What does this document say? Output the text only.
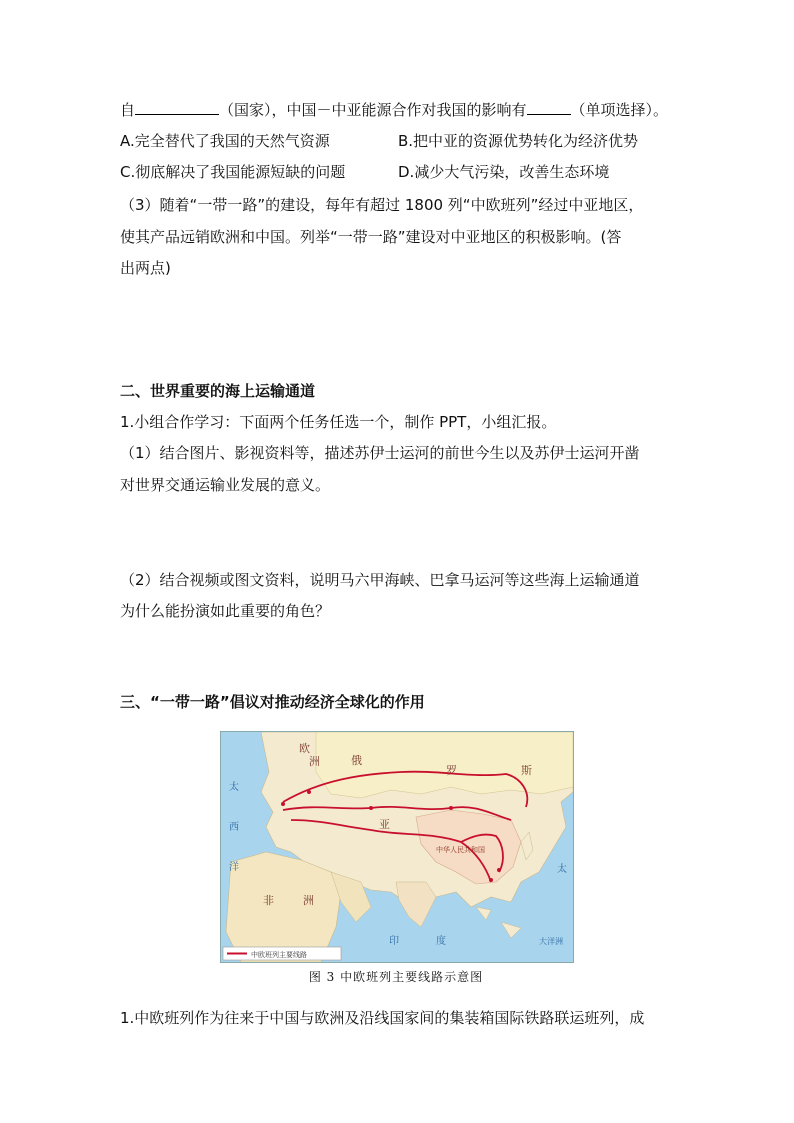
自	（国家），中国－中亚能源合作对我国的影响有	（单项选择）。
A.完全替代了我国的天然气资源	B.把中亚的资源优势转化为经济优势
C.彻底解决了我国能源短缺的问题	D.减少大气污染，改善生态环境
（3）随着“一带一路”的建设，每年有超过 1800 列“中欧班列”经过中亚地区，
使其产品远销欧洲和中国。列举“一带一路”建设对中亚地区的积极影响。(答
出两点)
二、世界重要的海上运输通道
1.小组合作学习：下面两个任务任选一个，制作 PPT，小组汇报。
（1）结合图片、影视资料等，描述苏伊士运河的前世今生以及苏伊士运河开凿
对世界交通运输业发展的意义。
（2）结合视频或图文资料，说明马六甲海峡、巴拿马运河等这些海上运输通道
为什么能扮演如此重要的角色？
三、“一带一路”倡议对推动经济全球化的作用
欧
洲	俄
罗	斯
亚
非	洲
中华人民共和国
太
西
洋	太
印	度	大洋洲
中欧班列主要线路
图 3 中欧班列主要线路示意图
1.中欧班列作为往来于中国与欧洲及沿线国家间的集装箱国际铁路联运班列，成
